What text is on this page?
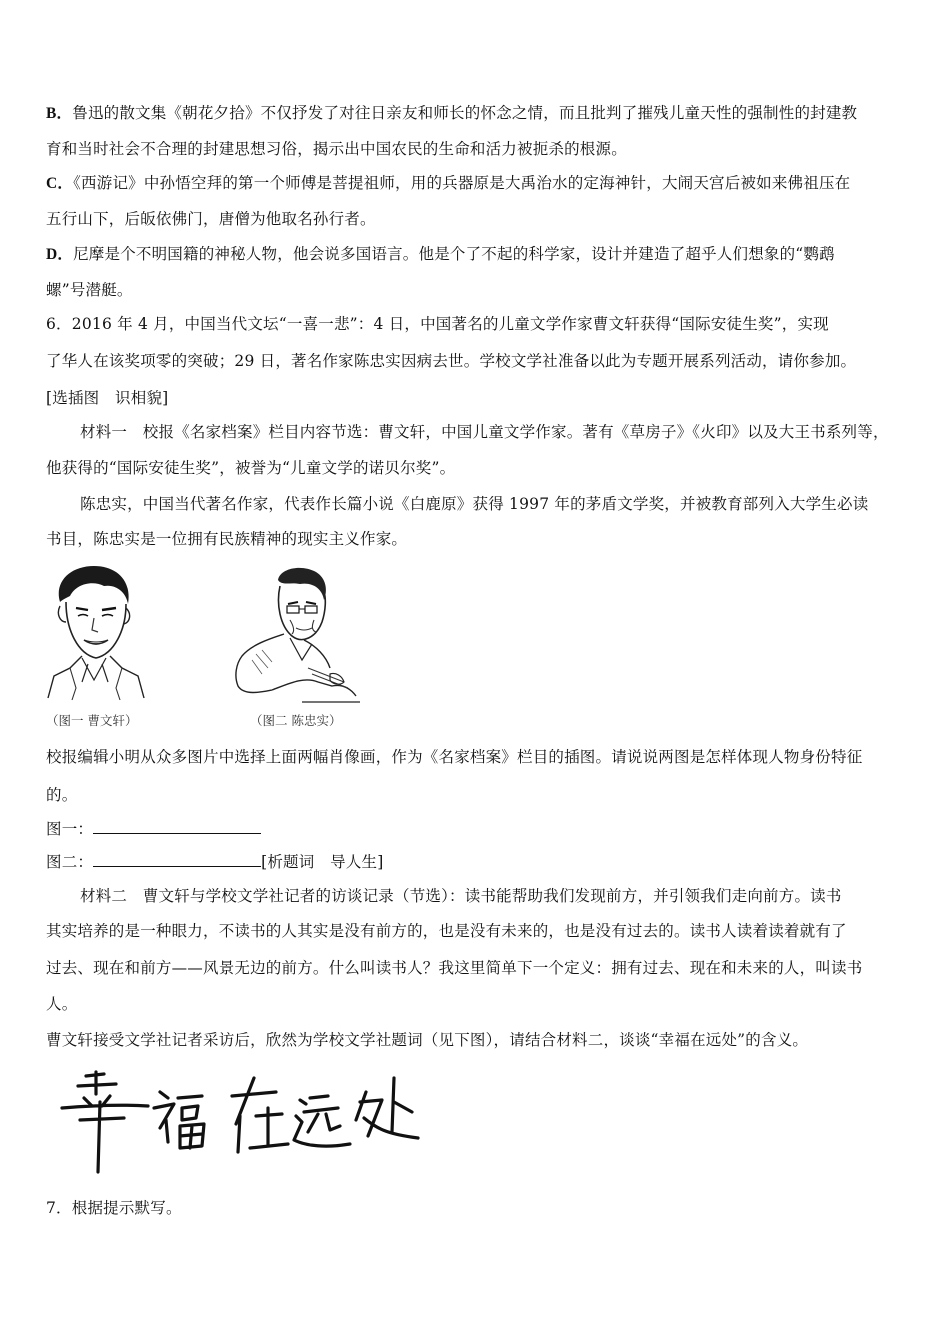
B．鲁迅的散文集《朝花夕拾》不仅抒发了对往日亲友和师长的怀念之情，而且批判了摧残儿童天性的强制性的封建教
育和当时社会不合理的封建思想习俗，揭示出中国农民的生命和活力被扼杀的根源。
C．《西游记》中孙悟空拜的第一个师傅是菩提祖师，用的兵器原是大禹治水的定海神针，大闹天宫后被如来佛祖压在
五行山下，后皈依佛门，唐僧为他取名孙行者。
D．尼摩是个不明国籍的神秘人物，他会说多国语言。他是个了不起的科学家，设计并建造了超乎人们想象的“鹦鹉
螺”号潜艇。
6．2016 年 4 月，中国当代文坛“一喜一悲”：4 日，中国著名的儿童文学作家曹文轩获得“国际安徒生奖”，实现
了华人在该奖项零的突破；29 日，著名作家陈忠实因病去世。学校文学社准备以此为专题开展系列活动，请你参加。
[选插图　识相貌]
材料一　校报《名家档案》栏目内容节选：曹文轩，中国儿童文学作家。著有《草房子》《火印》以及大王书系列等，
他获得的“国际安徒生奖”，被誉为“儿童文学的诺贝尔奖”。
陈忠实，中国当代著名作家，代表作长篇小说《白鹿原》获得 1997 年的茅盾文学奖，并被教育部列入大学生必读
书目，陈忠实是一位拥有民族精神的现实主义作家。
（图一 曹文轩）	（图二 陈忠实）
校报编辑小明从众多图片中选择上面两幅肖像画，作为《名家档案》栏目的插图。请说说两图是怎样体现人物身份特征
的。
图一：
图二：	[析题词　导人生]
材料二　曹文轩与学校文学社记者的访谈记录（节选）：读书能帮助我们发现前方，并引领我们走向前方。读书
其实培养的是一种眼力，不读书的人其实是没有前方的，也是没有未来的，也是没有过去的。读书人读着读着就有了
过去、现在和前方——风景无边的前方。什么叫读书人？我这里简单下一个定义：拥有过去、现在和未来的人，叫读书
人。
曹文轩接受文学社记者采访后，欣然为学校文学社题词（见下图），请结合材料二，谈谈“幸福在远处”的含义。
7．根据提示默写。
